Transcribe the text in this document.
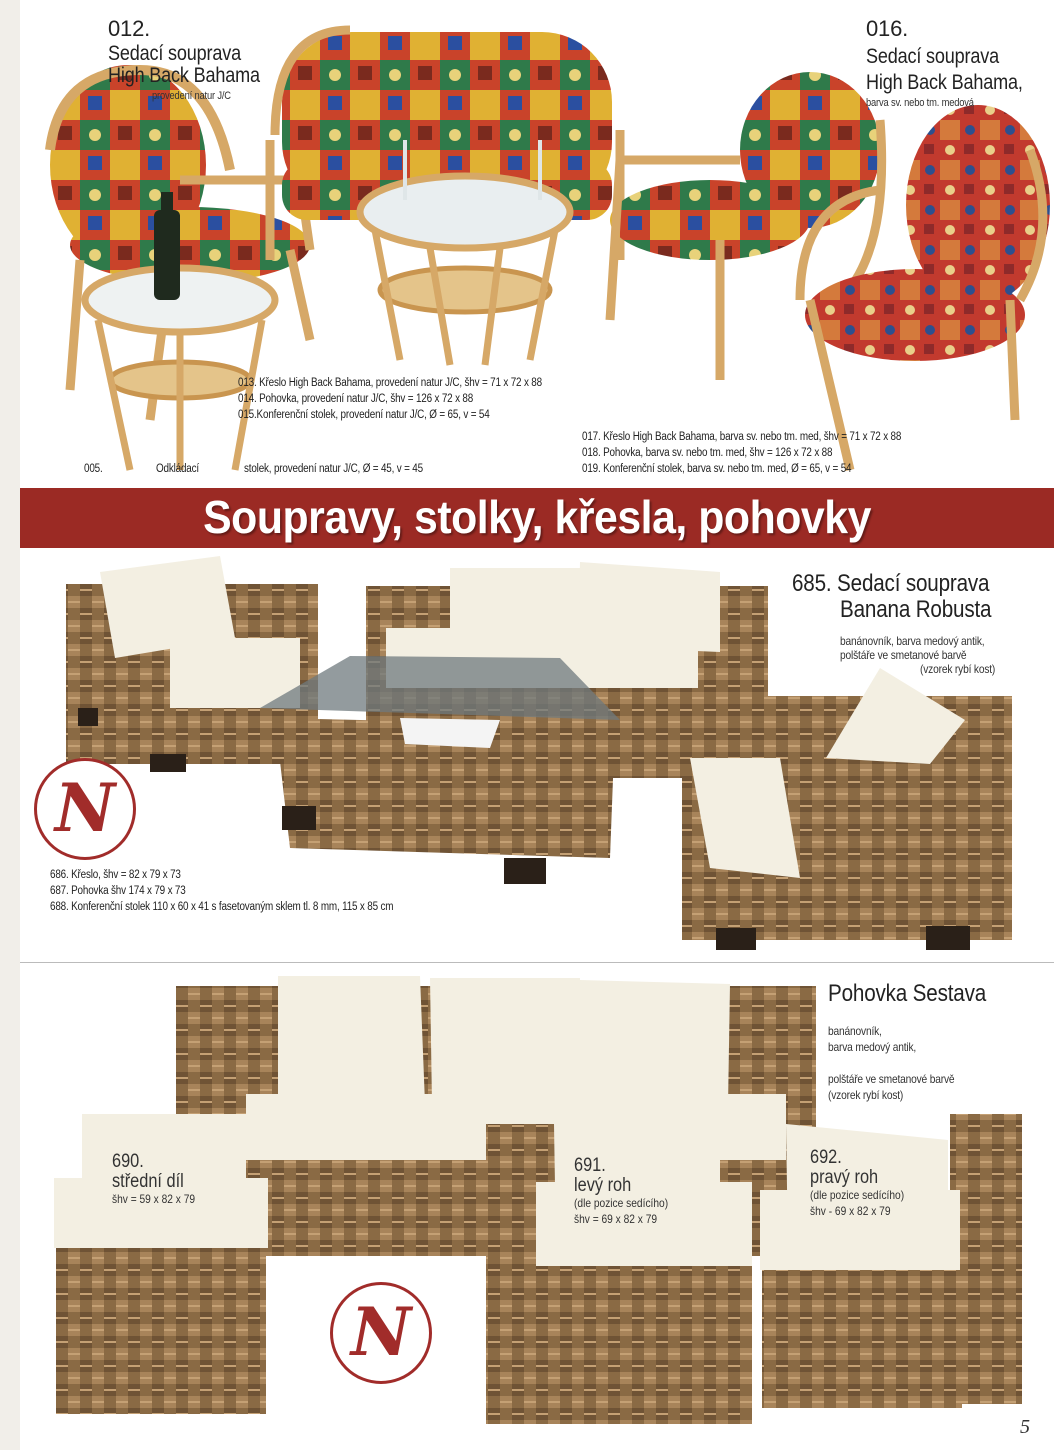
012.
Sedací souprava
High Back Bahama
provedení natur J/C
016.
Sedací souprava
High Back Bahama,
barva sv. nebo tm. medová
013. Křeslo High Back Bahama, provedení natur J/C, šhv = 71 x 72 x 88
014. Pohovka, provedení natur J/C, šhv = 126 x 72 x 88
015.Konferenční stolek, provedení natur J/C, Ø = 65, v = 54
017. Křeslo High Back Bahama, barva sv. nebo tm. med, šhv = 71 x 72 x 88
018. Pohovka, barva sv. nebo tm. med, šhv = 126 x 72 x 88
019. Konferenční stolek, barva sv. nebo tm. med, Ø = 65, v = 54
005.	Odkládací	stolek, provedení natur J/C, Ø = 45, v = 45
Soupravy, stolky, křesla, pohovky
N
685. Sedací souprava
Banana Robusta
banánovník, barva medový antik,
polštáře ve smetanové barvě
(vzorek rybí kost)
686. Křeslo, šhv = 82 x 79 x 73
687. Pohovka šhv 174 x 79 x 73
688. Konferenční stolek 110 x 60 x 41 s fasetovaným sklem tl. 8 mm, 115 x 85 cm
N
Pohovka Sestava
banánovník,
barva medový antik,
polštáře ve smetanové barvě
(vzorek rybí kost)
690.
střední díl
šhv = 59 x 82 x 79
691.
levý roh
(dle pozice sedícího)
šhv = 69 x 82 x 79
692.
pravý roh
(dle pozice sedícího)
šhv - 69 x 82 x 79
5
